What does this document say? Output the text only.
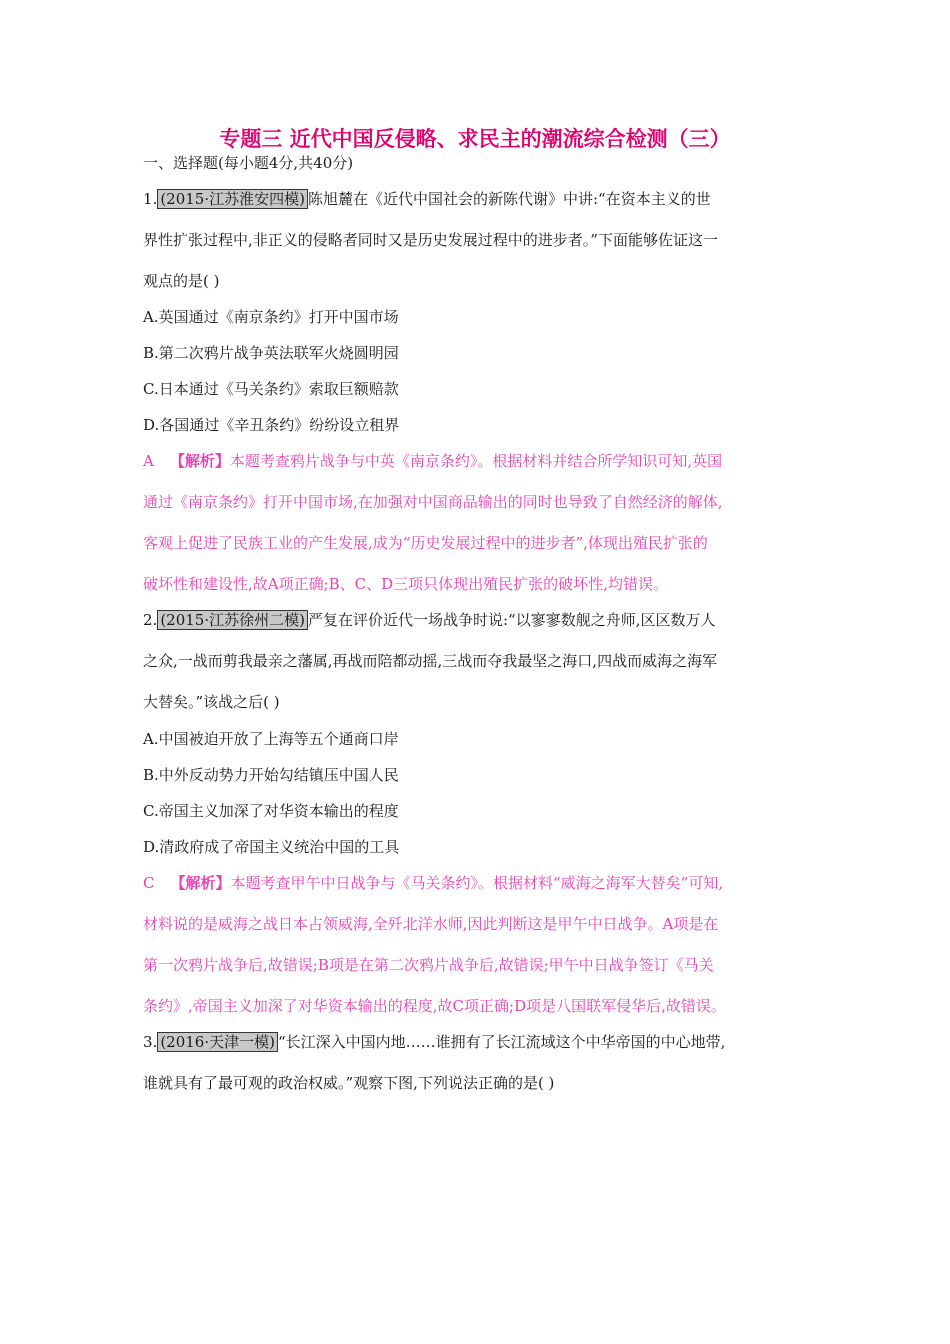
专题三 近代中国反侵略、求民主的潮流综合检测（三）
一、选择题(每小题4分,共40分)
1. (2015·江苏淮安四模) 陈旭麓在《近代中国社会的新陈代谢》中讲:“在资本主义的世
界性扩张过程中,非正义的侵略者同时又是历史发展过程中的进步者。”下面能够佐证这一
观点的是( )
A.英国通过《南京条约》打开中国市场
B.第二次鸦片战争英法联军火烧圆明园
C.日本通过《马关条约》索取巨额赔款
D.各国通过《辛丑条约》纷纷设立租界
A 【解析】本题考查鸦片战争与中英《南京条约》。根据材料并结合所学知识可知,英国
通过《南京条约》打开中国市场,在加强对中国商品输出的同时也导致了自然经济的解体,
客观上促进了民族工业的产生发展,成为“历史发展过程中的进步者”,体现出殖民扩张的
破坏性和建设性,故A项正确;B、C、D三项只体现出殖民扩张的破坏性,均错误。
2. (2015·江苏徐州二模) 严复在评价近代一场战争时说:“以寥寥数舰之舟师,区区数万人
之众,一战而剪我最亲之藩属,再战而陪都动摇,三战而夺我最坚之海口,四战而威海之海军
大替矣。”该战之后( )
A.中国被迫开放了上海等五个通商口岸
B.中外反动势力开始勾结镇压中国人民
C.帝国主义加深了对华资本输出的程度
D.清政府成了帝国主义统治中国的工具
C 【解析】本题考查甲午中日战争与《马关条约》。根据材料“威海之海军大替矣”可知,
材料说的是威海之战日本占领威海,全歼北洋水师,因此判断这是甲午中日战争。A项是在
第一次鸦片战争后,故错误;B项是在第二次鸦片战争后,故错误;甲午中日战争签订《马关
条约》,帝国主义加深了对华资本输出的程度,故C项正确;D项是八国联军侵华后,故错误。
3. (2016·天津一模) “长江深入中国内地……谁拥有了长江流域这个中华帝国的中心地带,
谁就具有了最可观的政治权威。”观察下图,下列说法正确的是( )
